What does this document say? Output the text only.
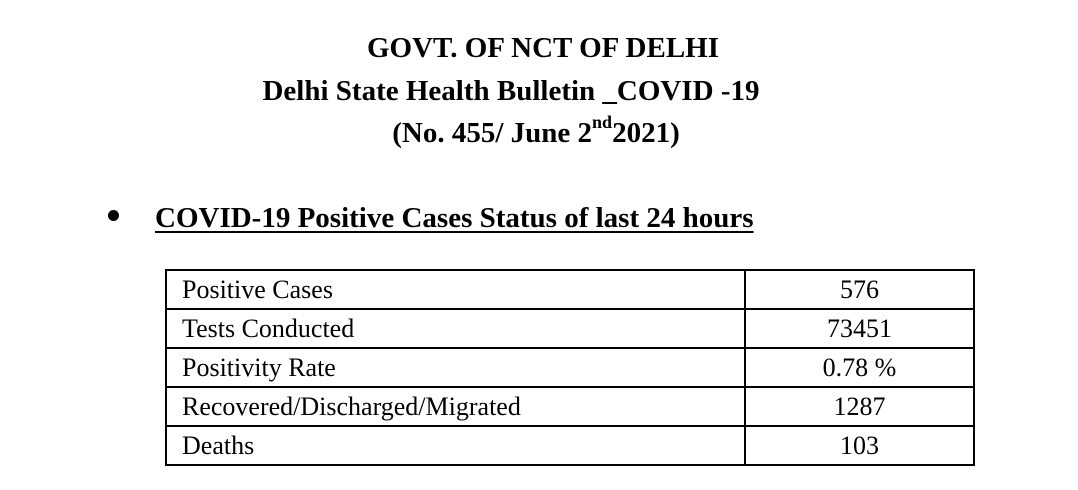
GOVT. OF NCT OF DELHI
Delhi State Health Bulletin _COVID -19
(No. 455/ June 2nd2021)
COVID-19 Positive Cases Status of last 24 hours
Positive Cases	576
Tests Conducted	73451
Positivity Rate	0.78 %
Recovered/Discharged/Migrated	1287
Deaths	103
